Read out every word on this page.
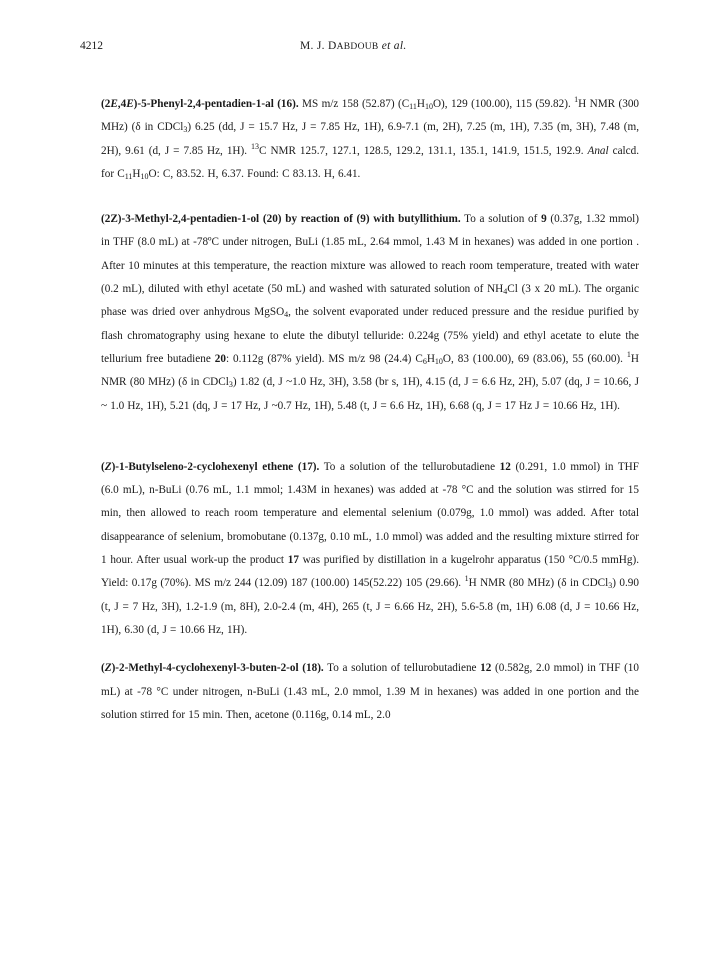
4212	M. J. DABDOUB et al.

(2E,4E)-5-Phenyl-2,4-pentadien-1-al (16). MS m/z 158 (52.87) $(C_{11}H_{10}O)$, 129 (100.00), 115 (59.82). $^1$H NMR (300 MHz) (δ in CDCl$_3$) 6.25 (dd, J = 15.7 Hz, J = 7.85 Hz, 1H), 6.9-7.1 (m, 2H), 7.25 (m, 1H), 7.35 (m, 3H), 7.48 (m, 2H), 9.61 (d, J = 7.85 Hz, 1H). $^{13}$C NMR 125.7, 127.1, 128.5, 129.2, 131.1, 135.1, 141.9, 151.5, 192.9. Anal calcd. for $C_{11}H_{10}O$: C, 83.52. H, 6.37. Found: C 83.13. H, 6.41.

(2Z)-3-Methyl-2,4-pentadien-1-ol (20) by reaction of (9) with butyllithium. To a solution of 9 (0.37g, 1.32 mmol) in THF (8.0 mL) at -78ºC under nitrogen, BuLi (1.85 mL, 2.64 mmol, 1.43 M in hexanes) was added in one portion . After 10 minutes at this temperature, the reaction mixture was allowed to reach room temperature, treated with water (0.2 mL), diluted with ethyl acetate (50 mL) and washed with saturated solution of $NH_4Cl$ (3 x 20 mL). The organic phase was dried over anhydrous MgSO$_4$, the solvent evaporated under reduced pressure and the residue purified by flash chromatography using hexane to elute the dibutyl telluride: 0.224g (75% yield) and ethyl acetate to elute the tellurium free butadiene 20: 0.112g (87% yield). MS m/z 98 (24.4) $C_6H_{10}O$, 83 (100.00), 69 (83.06), 55 (60.00). $^1$H NMR (80 MHz) (δ in CDCl$_3$) 1.82 (d, J ~1.0 Hz, 3H), 3.58 (br s, 1H), 4.15 (d, J = 6.6 Hz, 2H), 5.07 (dq, J = 10.66, J ~ 1.0 Hz, 1H), 5.21 (dq, J = 17 Hz, J ~0.7 Hz, 1H), 5.48 (t, J = 6.6 Hz, 1H), 6.68 (q, J = 17 Hz J = 10.66 Hz, 1H).

(Z)-1-Butylseleno-2-cyclohexenyl ethene (17). To a solution of the tellurobutadiene 12 (0.291, 1.0 mmol) in THF (6.0 mL), n-BuLi (0.76 mL, 1.1 mmol; 1.43M in hexanes) was added at -78 °C and the solution was stirred for 15 min, then allowed to reach room temperature and elemental selenium (0.079g, 1.0 mmol) was added. After total disappearance of selenium, bromobutane (0.137g, 0.10 mL, 1.0 mmol) was added and the resulting mixture stirred for 1 hour. After usual work-up the product 17 was purified by distillation in a kugelrohr apparatus (150 °C/0.5 mmHg). Yield: 0.17g (70%). MS m/z 244 (12.09) 187 (100.00) 145(52.22) 105 (29.66). $^1$H NMR (80 MHz) (δ in CDCl$_3$) 0.90 (t, J = 7 Hz, 3H), 1.2-1.9 (m, 8H), 2.0-2.4 (m, 4H), 265 (t, J = 6.66 Hz, 2H), 5.6-5.8 (m, 1H) 6.08 (d, J = 10.66 Hz, 1H), 6.30 (d, J = 10.66 Hz, 1H).

(Z)-2-Methyl-4-cyclohexenyl-3-buten-2-ol (18). To a solution of tellurobutadiene 12 (0.582g, 2.0 mmol) in THF (10 mL) at -78 °C under nitrogen, n-BuLi (1.43 mL, 2.0 mmol, 1.39 M in hexanes) was added in one portion and the solution stirred for 15 min. Then, acetone (0.116g, 0.14 mL, 2.0
